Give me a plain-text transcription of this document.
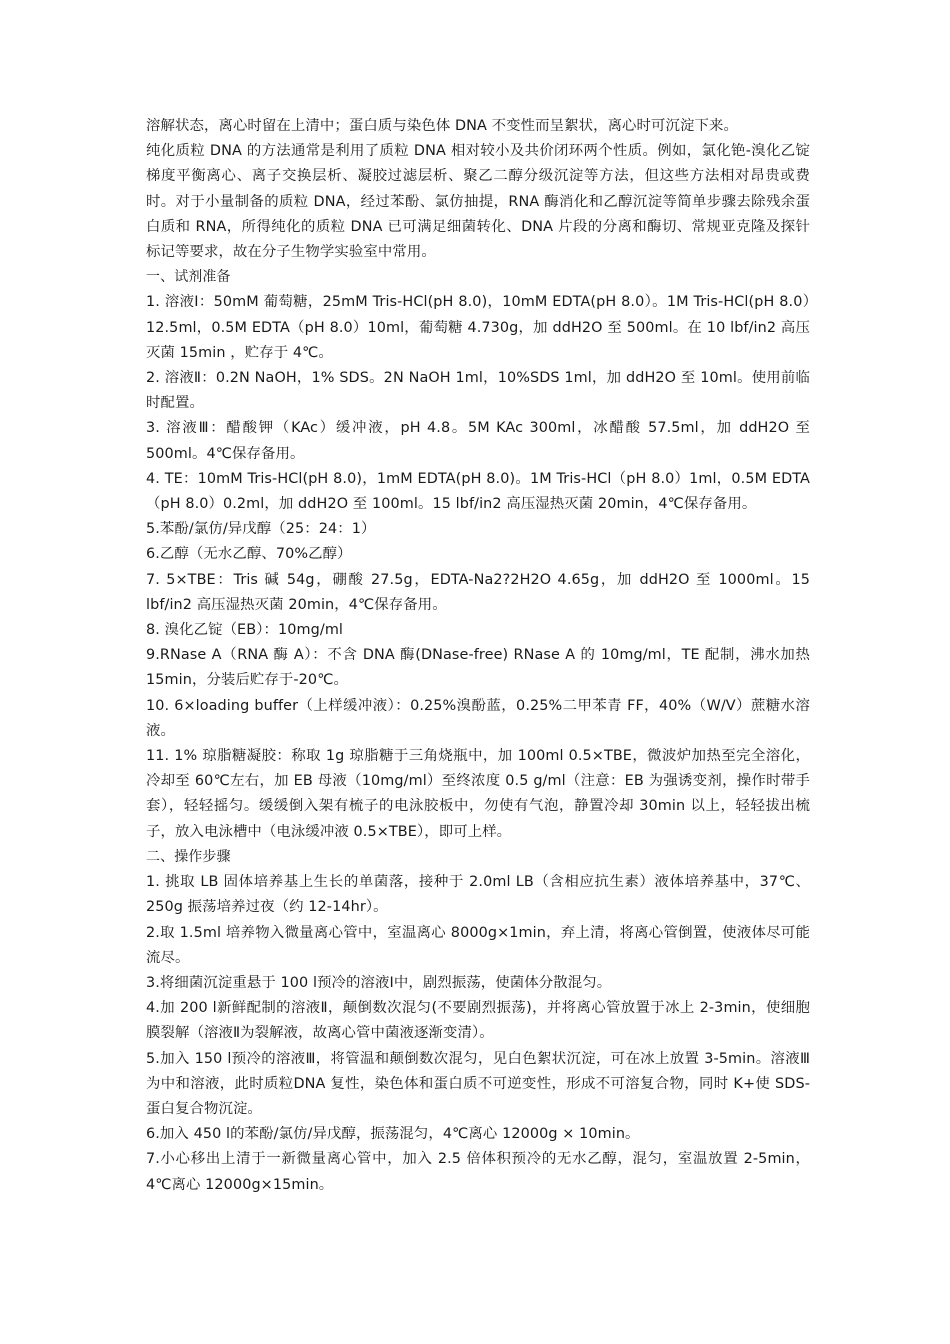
溶解状态，离心时留在上清中；蛋白质与染色体 DNA 不变性而呈絮状，离心时可沉淀下来。

纯化质粒 DNA 的方法通常是利用了质粒 DNA 相对较小及共价闭环两个性质。例如，氯化铯-溴化乙锭梯度平衡离心、离子交换层析、凝胶过滤层析、聚乙二醇分级沉淀等方法，但这些方法相对昂贵或费时。对于小量制备的质粒 DNA，经过苯酚、氯仿抽提，RNA 酶消化和乙醇沉淀等简单步骤去除残余蛋白质和 RNA，所得纯化的质粒 DNA 已可满足细菌转化、DNA 片段的分离和酶切、常规亚克隆及探针标记等要求，故在分子生物学实验室中常用。

一、试剂准备

1. 溶液Ⅰ：50mM 葡萄糖，25mM Tris-HCl(pH 8.0)，10mM EDTA(pH 8.0）。1M Tris-HCl(pH 8.0）12.5ml，0.5M EDTA（pH 8.0）10ml，葡萄糖 4.730g，加 ddH2O 至 500ml。在 10 lbf/in2 高压灭菌 15min ，贮存于 4℃。

2. 溶液Ⅱ：0.2N NaOH，1% SDS。2N NaOH 1ml，10%SDS 1ml，加 ddH2O 至 10ml。使用前临时配置。

3. 溶液Ⅲ：醋酸钾（KAc）缓冲液，pH 4.8。5M KAc 300ml，冰醋酸 57.5ml，加 ddH2O 至 500ml。4℃保存备用。

4. TE：10mM Tris-HCl(pH 8.0)，1mM EDTA(pH 8.0)。1M Tris-HCl（pH 8.0）1ml，0.5M EDTA（pH 8.0）0.2ml，加 ddH2O 至 100ml。15 lbf/in2 高压湿热灭菌 20min，4℃保存备用。

5.苯酚/氯仿/异戊醇（25：24：1）

6.乙醇（无水乙醇、70%乙醇）

7. 5×TBE：Tris 碱 54g，硼酸 27.5g，EDTA-Na2?2H2O 4.65g，加 ddH2O 至 1000ml。15 lbf/in2 高压湿热灭菌 20min，4℃保存备用。

8. 溴化乙锭（EB）：10mg/ml

9.RNase A（RNA 酶 A）：不含 DNA 酶(DNase-free) RNase A 的 10mg/ml，TE 配制，沸水加热 15min，分装后贮存于-20℃。

10. 6×loading buffer（上样缓冲液）：0.25%溴酚蓝，0.25%二甲苯青 FF，40%（W/V）蔗糖水溶液。

11. 1% 琼脂糖凝胶：称取 1g 琼脂糖于三角烧瓶中，加 100ml 0.5×TBE，微波炉加热至完全溶化，冷却至 60℃左右，加 EB 母液（10mg/ml）至终浓度 0.5 g/ml（注意：EB 为强诱变剂，操作时带手套），轻轻摇匀。缓缓倒入架有梳子的电泳胶板中，勿使有气泡，静置冷却 30min 以上，轻轻拔出梳子，放入电泳槽中（电泳缓冲液 0.5×TBE），即可上样。

二、操作步骤

1. 挑取 LB 固体培养基上生长的单菌落，接种于 2.0ml LB（含相应抗生素）液体培养基中，37℃、250g 振荡培养过夜（约 12-14hr）。

2.取 1.5ml 培养物入微量离心管中，室温离心 8000g×1min，弃上清，将离心管倒置，使液体尽可能流尽。

3.将细菌沉淀重悬于 100 l预冷的溶液Ⅰ中，剧烈振荡，使菌体分散混匀。

4.加 200 l新鲜配制的溶液Ⅱ，颠倒数次混匀(不要剧烈振荡)，并将离心管放置于冰上 2-3min，使细胞膜裂解（溶液Ⅱ为裂解液，故离心管中菌液逐渐变清）。

5.加入 150 l预冷的溶液Ⅲ，将管温和颠倒数次混匀，见白色絮状沉淀，可在冰上放置 3-5min。溶液Ⅲ为中和溶液，此时质粒DNA 复性，染色体和蛋白质不可逆变性，形成不可溶复合物，同时 K+使 SDS-蛋白复合物沉淀。

6.加入 450 l的苯酚/氯仿/异戊醇，振荡混匀，4℃离心 12000g × 10min。

7.小心移出上清于一新微量离心管中，加入 2.5 倍体积预冷的无水乙醇，混匀，室温放置 2-5min，4℃离心 12000g×15min。
